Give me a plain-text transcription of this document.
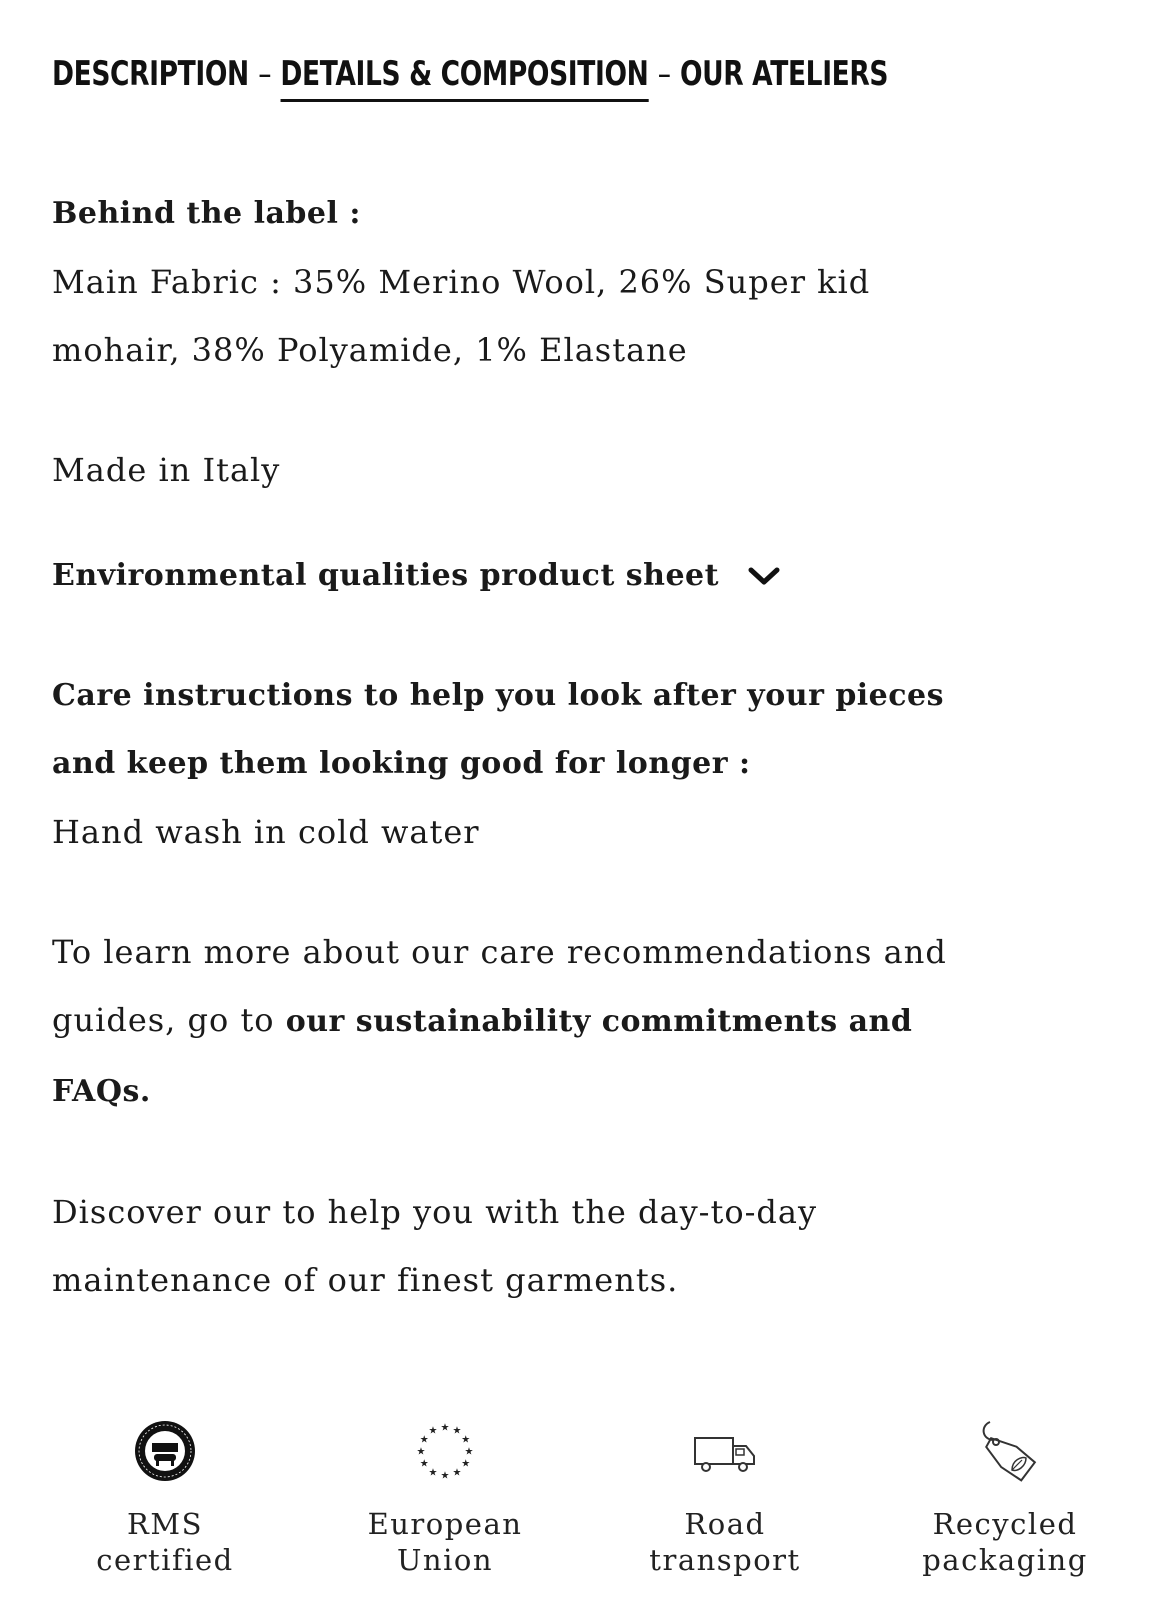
DESCRIPTION – DETAILS & COMPOSITION – OUR ATELIERS

Behind the label :

Main Fabric : 35% Merino Wool, 26% Super kid

mohair, 38% Polyamide, 1% Elastane

Made in Italy

Environmental qualities product sheet

Care instructions to help you look after your pieces

and keep them looking good for longer :

Hand wash in cold water

To learn more about our care recommendations and

guides, go to our sustainability commitments and

FAQs.

Discover our to help you with the day-to-day

maintenance of our finest garments.

RMS
certified
★ ★
★
★
★
★
★
★
★
★
★
★
European
Union
Road
transport
Recycled
packaging
